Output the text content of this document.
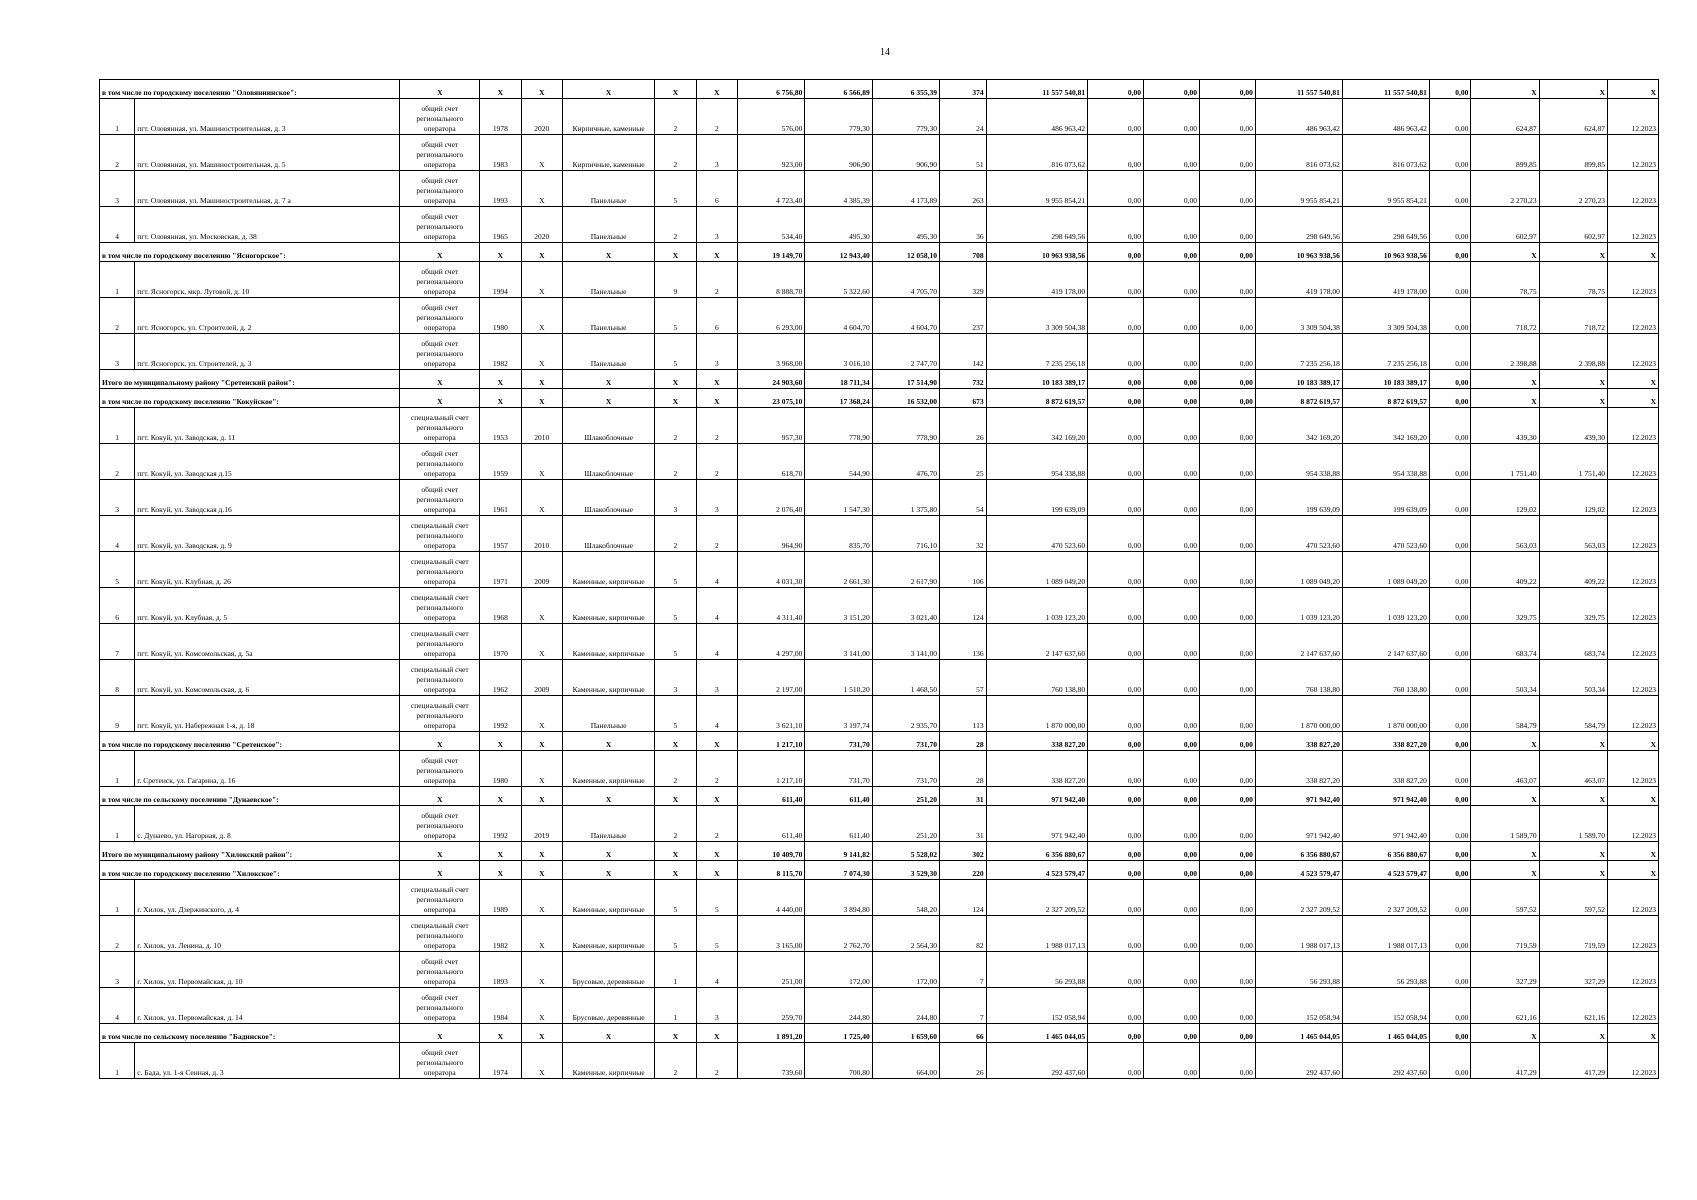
14
в том числе по городскому поселению "Оловяннинское":		X	X	X	X	X	X	6 756,80	6 566,89	6 355,39	374	11 557 540,81	0,00	0,00	0,00	11 557 540,81	11 557 540,81	0,00	X	X	X
1	пгт. Оловянная, ул. Машиностроительная, д. 3	общий счет регионального оператора	1978	2020	Кирпичные, каменные	2	2	576,00	779,30	779,30	24	486 963,42	0,00	0,00	0,00	486 963,42	486 963,42	0,00	624,87	624,87	12.2023
2	пгт. Оловянная, ул. Машиностроительная, д. 5	общий счет регионального оператора	1983	X	Кирпичные, каменные	2	3	923,00	906,90	906,90	51	816 073,62	0,00	0,00	0,00	816 073,62	816 073,62	0,00	899,85	899,85	12.2023
3	пгт. Оловянная, ул. Машиностроительная, д. 7 а	общий счет регионального оператора	1993	X	Панельные	5	6	4 723,40	4 385,39	4 173,89	263	9 955 854,21	0,00	0,00	0,00	9 955 854,21	9 955 854,21	0,00	2 270,23	2 270,23	12.2023
4	пгт. Оловянная, ул. Московская, д. 38	общий счет регионального оператора	1965	2020	Панельные	2	3	534,40	495,30	495,30	36	298 649,56	0,00	0,00	0,00	298 649,56	298 649,56	0,00	602,97	602,97	12.2023
в том числе по городскому поселению "Ясногорское":		X	X	X	X	X	X	19 149,70	12 943,40	12 058,10	708	10 963 938,56	0,00	0,00	0,00	10 963 938,56	10 963 938,56	0,00	X	X	X
1	пгт. Ясногорск, мкр. Луговой, д. 10	общий счет регионального оператора	1994	X	Панельные	9	2	8 888,70	5 322,60	4 705,70	329	419 178,00	0,00	0,00	0,00	419 178,00	419 178,00	0,00	78,75	78,75	12.2023
2	пгт. Ясногорск, ул. Строителей, д. 2	общий счет регионального оператора	1980	X	Панельные	5	6	6 293,00	4 604,70	4 604,70	237	3 309 504,38	0,00	0,00	0,00	3 309 504,38	3 309 504,38	0,00	718,72	718,72	12.2023
3	пгт. Ясногорск, ул. Строителей, д. 3	общий счет регионального оператора	1982	X	Панельные	5	3	3 968,00	3 016,10	2 747,70	142	7 235 256,18	0,00	0,00	0,00	7 235 256,18	7 235 256,18	0,00	2 398,88	2 398,88	12.2023
Итого по муниципальному району "Сретенский район":		X	X	X	X	X	X	24 903,60	18 711,34	17 514,90	732	10 183 389,17	0,00	0,00	0,00	10 183 389,17	10 183 389,17	0,00	X	X	X
в том числе по городскому поселению "Кокуйское":		X	X	X	X	X	X	23 075,10	17 368,24	16 532,00	673	8 872 619,57	0,00	0,00	0,00	8 872 619,57	8 872 619,57	0,00	X	X	X
1	пгт. Кокуй, ул. Заводская, д. 11	специальный счет регионального оператора	1953	2010	Шлакоблочные	2	2	957,30	778,90	778,90	26	342 169,20	0,00	0,00	0,00	342 169,20	342 169,20	0,00	439,30	439,30	12.2023
2	пгт. Кокуй, ул. Заводская д.15	общий счет регионального оператора	1959	X	Шлакоблочные	2	2	618,70	544,90	476,70	25	954 338,88	0,00	0,00	0,00	954 338,88	954 338,88	0,00	1 751,40	1 751,40	12.2023
3	пгт. Кокуй, ул. Заводская д.16	общий счет регионального оператора	1961	X	Шлакоблочные	3	3	2 076,40	1 547,30	1 375,80	54	199 639,09	0,00	0,00	0,00	199 639,09	199 639,09	0,00	129,02	129,02	12.2023
4	пгт. Кокуй, ул. Заводская, д. 9	специальный счет регионального оператора	1957	2010	Шлакоблочные	2	2	964,90	835,70	716,10	32	470 523,60	0,00	0,00	0,00	470 523,60	470 523,60	0,00	563,03	563,03	12.2023
5	пгт. Кокуй, ул. Клубная, д. 26	специальный счет регионального оператора	1971	2009	Каменные, кирпичные	5	4	4 031,30	2 661,30	2 617,90	106	1 089 049,20	0,00	0,00	0,00	1 089 049,20	1 089 049,20	0,00	409,22	409,22	12.2023
6	пгт. Кокуй, ул. Клубная, д. 5	специальный счет регионального оператора	1968	X	Каменные, кирпичные	5	4	4 311,40	3 151,20	3 021,40	124	1 039 123,20	0,00	0,00	0,00	1 039 123,20	1 039 123,20	0,00	329,75	329,75	12.2023
7	пгт. Кокуй, ул. Комсомольская, д. 5а	специальный счет регионального оператора	1970	X	Каменные, кирпичные	5	4	4 297,00	3 141,00	3 141,00	136	2 147 637,60	0,00	0,00	0,00	2 147 637,60	2 147 637,60	0,00	683,74	683,74	12.2023
8	пгт. Кокуй, ул. Комсомольская, д. 6	специальный счет регионального оператора	1962	2009	Каменные, кирпичные	3	3	2 197,00	1 510,20	1 468,50	57	760 138,80	0,00	0,00	0,00	760 138,80	760 138,80	0,00	503,34	503,34	12.2023
9	пгт. Кокуй, ул. Набережная 1-я, д. 18	специальный счет регионального оператора	1992	X	Панельные	5	4	3 621,10	3 197,74	2 935,70	113	1 870 000,00	0,00	0,00	0,00	1 870 000,00	1 870 000,00	0,00	584,79	584,79	12.2023
в том числе по городскому поселению "Сретенское":		X	X	X	X	X	X	1 217,10	731,70	731,70	28	338 827,20	0,00	0,00	0,00	338 827,20	338 827,20	0,00	X	X	X
1	г. Сретенск, ул. Гагарина, д. 16	общий счет регионального оператора	1980	X	Каменные, кирпичные	2	2	1 217,10	731,70	731,70	28	338 827,20	0,00	0,00	0,00	338 827,20	338 827,20	0,00	463,07	463,07	12.2023
в том числе по сельскому поселению "Дунаевское":		X	X	X	X	X	X	611,40	611,40	251,20	31	971 942,40	0,00	0,00	0,00	971 942,40	971 942,40	0,00	X	X	X
1	с. Дунаево, ул. Нагорная, д. 8	общий счет регионального оператора	1992	2019	Панельные	2	2	611,40	611,40	251,20	31	971 942,40	0,00	0,00	0,00	971 942,40	971 942,40	0,00	1 589,70	1 589,70	12.2023
Итого по муниципальному району "Хилокский район":		X	X	X	X	X	X	10 409,70	9 141,82	5 528,02	302	6 356 880,67	0,00	0,00	0,00	6 356 880,67	6 356 880,67	0,00	X	X	X
в том числе по городскому поселению "Хилокское":		X	X	X	X	X	X	8 115,70	7 074,30	3 529,30	220	4 523 579,47	0,00	0,00	0,00	4 523 579,47	4 523 579,47	0,00	X	X	X
1	г. Хилок, ул. Дзержинского, д. 4	специальный счет регионального оператора	1989	X	Каменные, кирпичные	5	5	4 440,00	3 894,80	548,20	124	2 327 209,52	0,00	0,00	0,00	2 327 209,52	2 327 209,52	0,00	597,52	597,52	12.2023
2	г. Хилок, ул. Ленина, д. 10	специальный счет регионального оператора	1982	X	Каменные, кирпичные	5	5	3 165,00	2 762,70	2 564,30	82	1 988 017,13	0,00	0,00	0,00	1 988 017,13	1 988 017,13	0,00	719,59	719,59	12.2023
3	г. Хилок, ул. Первомайская, д. 10	общий счет регионального оператора	1893	X	Брусовые, деревянные	1	4	251,00	172,00	172,00	7	56 293,88	0,00	0,00	0,00	56 293,88	56 293,88	0,00	327,29	327,29	12.2023
4	г. Хилок, ул. Первомайская, д. 14	общий счет регионального оператора	1984	X	Брусовые, деревянные	1	3	259,70	244,80	244,80	7	152 058,94	0,00	0,00	0,00	152 058,94	152 058,94	0,00	621,16	621,16	12.2023
в том числе по сельскому поселению "Бадинское":		X	X	X	X	X	X	1 891,20	1 725,40	1 659,60	66	1 465 044,05	0,00	0,00	0,00	1 465 044,05	1 465 044,05	0,00	X	X	X
1	с. Бада, ул. 1-я Сенная, д. 3	общий счет регионального оператора	1974	X	Каменные, кирпичные	2	2	739,60	700,80	664,00	26	292 437,60	0,00	0,00	0,00	292 437,60	292 437,60	0,00	417,29	417,29	12.2023
